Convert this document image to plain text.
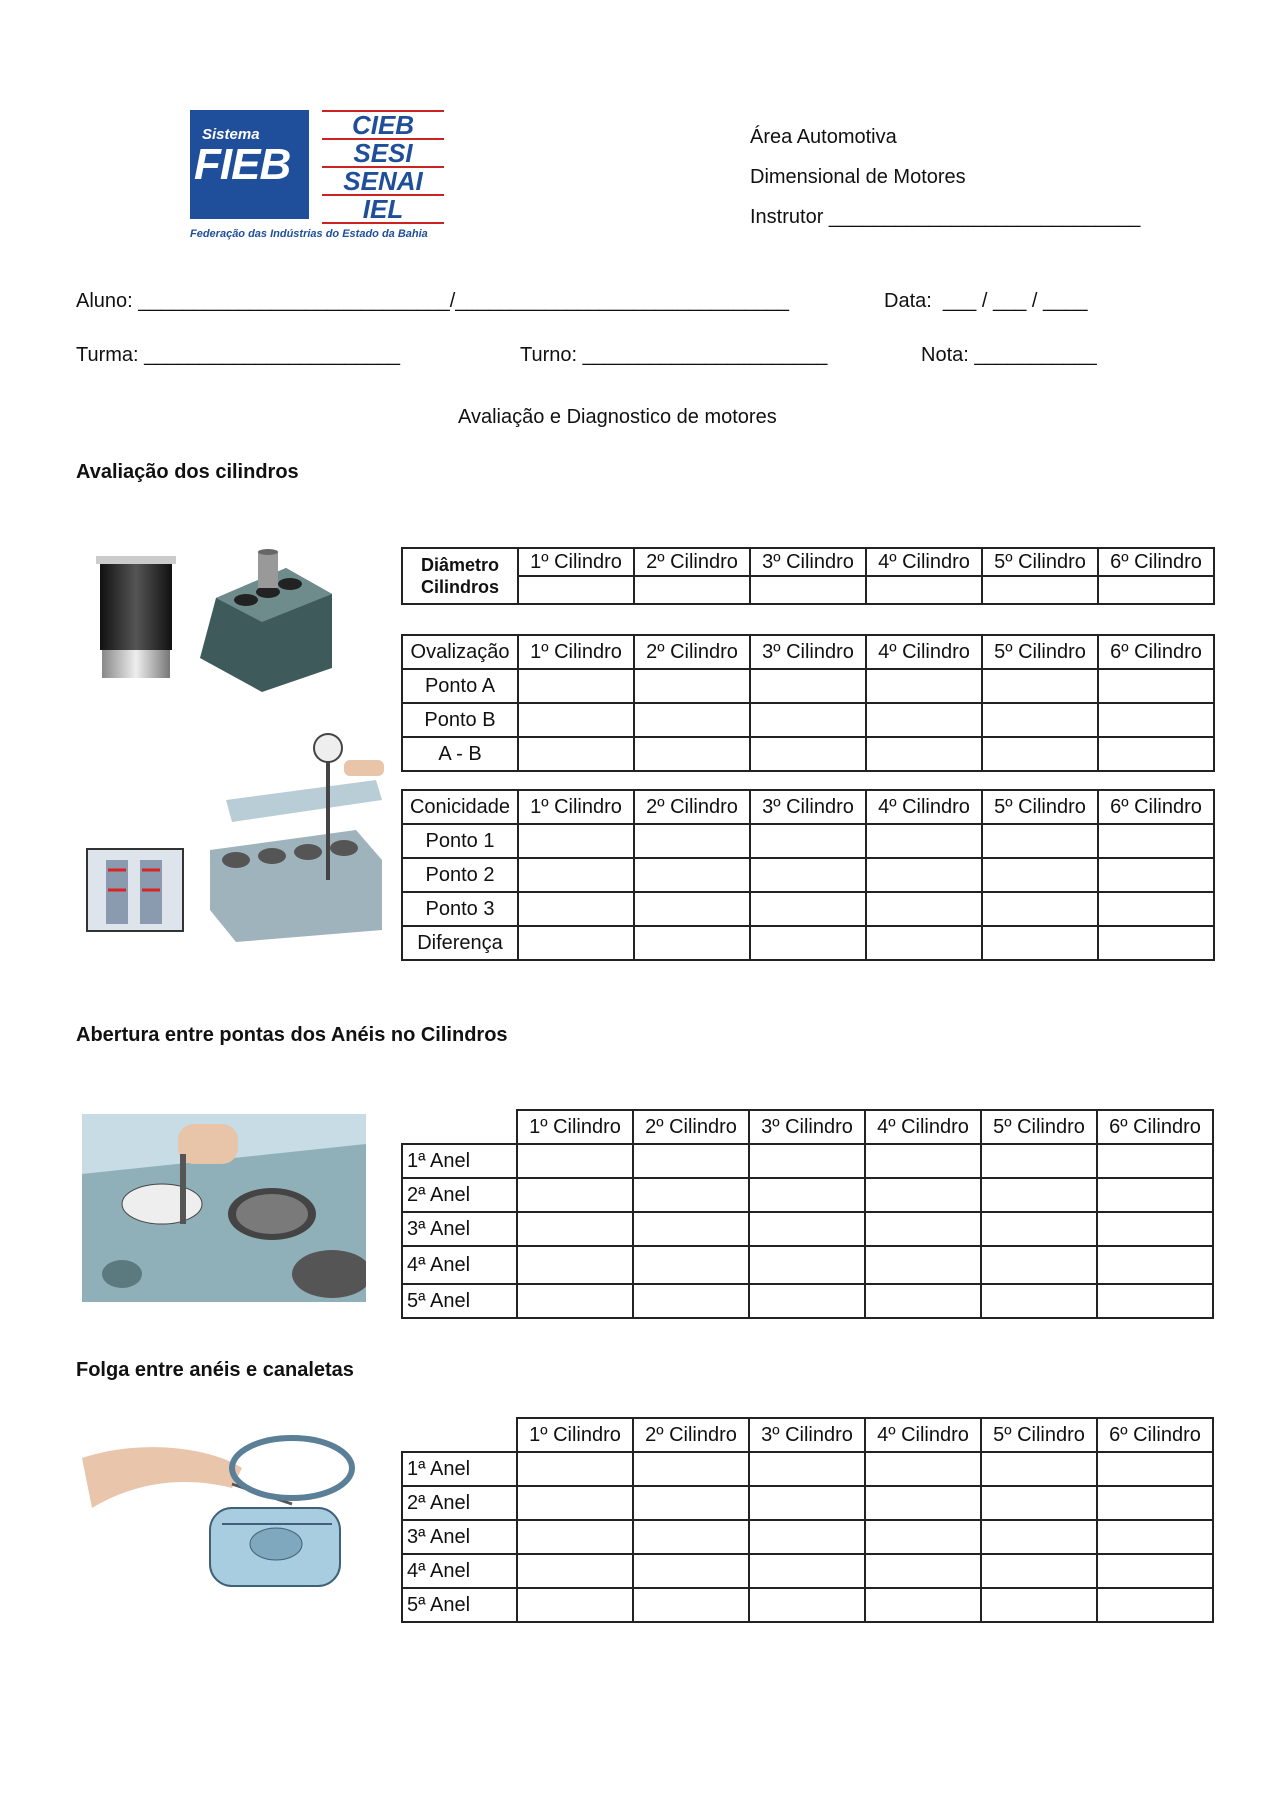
Sistema
FIEB
CIEB
SESI
SENAI
IEL
Federação das Indústrias do Estado da Bahia
Área Automotiva
Dimensional de Motores
Instrutor ____________________________
Aluno: ____________________________/______________________________	Data:  ___ / ___ / ____
Turma: _______________________	Turno: ______________________	Nota: ___________
Avaliação e Diagnostico de motores
Avaliação dos cilindros
Abertura entre pontas dos Anéis no Cilindros
Folga entre anéis e canaletas
Diâmetro
Cilindros	1º Cilindro	2º Cilindro	3º Cilindro	4º Cilindro	5º Cilindro	6º Cilindro

Ovalização	1º Cilindro	2º Cilindro	3º Cilindro	4º Cilindro	5º Cilindro	6º Cilindro
Ponto A						
Ponto B						
A - B						
Conicidade	1º Cilindro	2º Cilindro	3º Cilindro	4º Cilindro	5º Cilindro	6º Cilindro
Ponto 1						
Ponto 2						
Ponto 3						
Diferença						
	1º Cilindro	2º Cilindro	3º Cilindro	4º Cilindro	5º Cilindro	6º Cilindro
1ª Anel						
2ª Anel						
3ª Anel						
4ª Anel						
5ª Anel						
	1º Cilindro	2º Cilindro	3º Cilindro	4º Cilindro	5º Cilindro	6º Cilindro
1ª Anel						
2ª Anel						
3ª Anel						
4ª Anel						
5ª Anel						
